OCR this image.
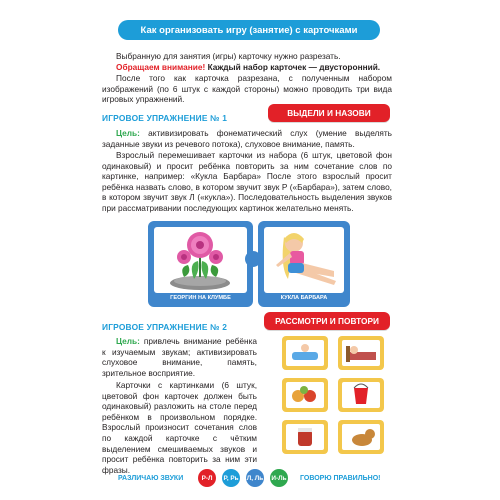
Как организовать игру (занятие) с карточками
Выбранную для занятия (игры) карточку нужно разрезать.
Обращаем внимание! Каждый набор карточек — двусторонний.
После того как карточка разрезана, с полученным набором изображений (по 6 штук с каждой стороны) можно проводить три вида игровых упражнений.
ИГРОВОЕ УПРАЖНЕНИЕ № 1	ВЫДЕЛИ И НАЗОВИ
Цель: активизировать фонематический слух (умение выделять заданные звуки из речевого потока), слуховое внимание, память.
Взрослый перемешивает карточки из набора (6 штук, цветовой фон одинаковый) и просит ребёнка повторить за ним сочетание слов по картинке, например: «Кукла Барбара» После этого взрослый просит ребёнка назвать слово, в котором звучит звук Р («Барбара»), затем слово, в котором звучит звук Л («кукла»). Последовательность выделения звуков при рассматривании последующих картинок желательно менять.
ГЕОРГИН НА КЛУМБЕ	КУКЛА БАРБАРА
ИГРОВОЕ УПРАЖНЕНИЕ № 2
РАССМОТРИ И ПОВТОРИ
Цель: привлечь внимание ребёнка к изучаемым звукам; активизировать слуховое внимание, память, зрительное восприятие.
Карточки с картинками (6 штук, цветовой фон карточек должен быть одинаковый) разложить на столе перед ребёнком в произвольном порядке. Взрослый произносит сочетания слов по каждой карточке с чётким выделением смешиваемых звуков и просит ребёнка повторить за ним эти фразы.
РАЗЛИЧАЮ ЗВУКИ	Р-Л	Р, Рь Л, Ль И-Ль ГОВОРЮ ПРАВИЛЬНО!
